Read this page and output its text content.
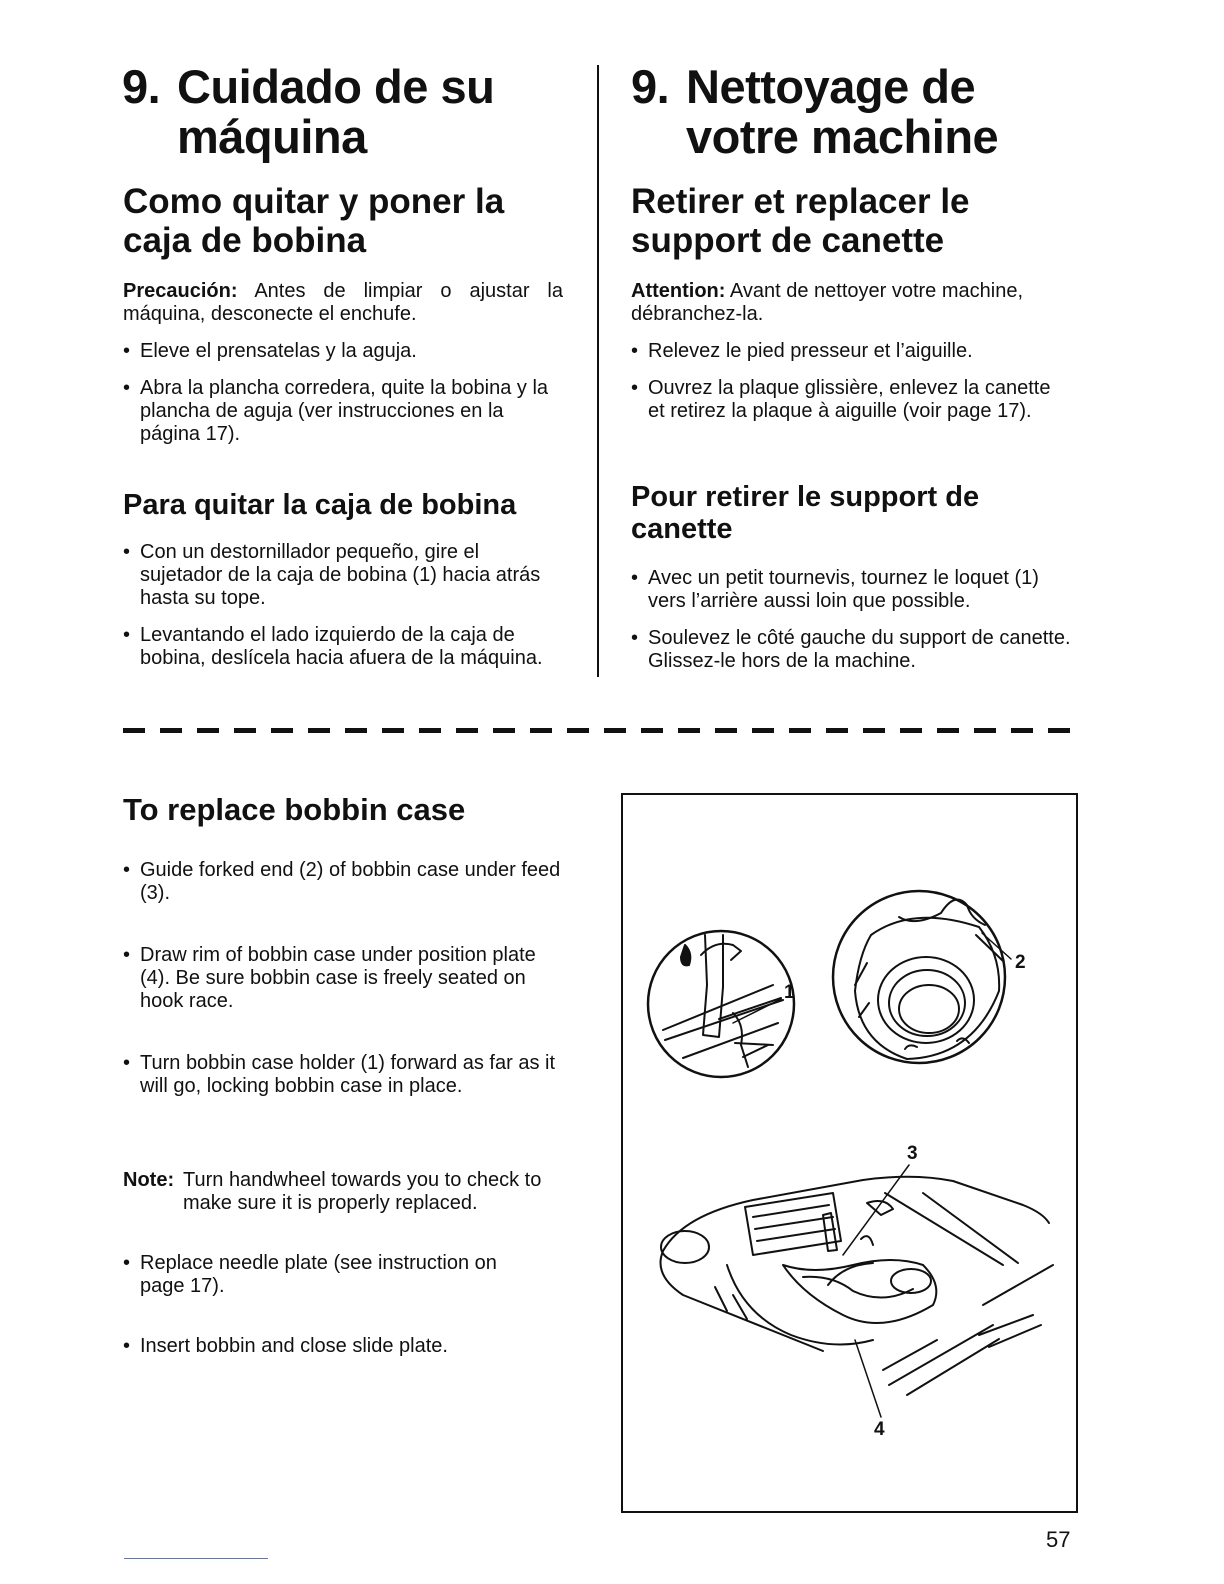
9. Cuidado de su
máquina
Como quitar y poner la caja de bobina

Precaución: Antes de limpiar o ajustar la máquina, desconecte el enchufe.

• Eleve el prensatelas y la aguja.
• Abra la plancha corredera, quite la bobina y la plancha de aguja (ver instrucciones en la página 17).
Para quitar la caja de bobina
• Con un destornillador pequeño, gire el sujetador de la caja de bobina (1) hacia atrás hasta su tope.
• Levantando el lado izquierdo de la caja de bobina, deslícela hacia afuera de la máquina.
9. Nettoyage de
votre machine
Retirer et replacer le support de canette

Attention: Avant de nettoyer votre machine, débranchez-la.

• Relevez le pied presseur et l’aiguille.
• Ouvrez la plaque glissière, enlevez la canette et retirez la plaque à aiguille (voir page 17).
Pour retirer le support de canette
• Avec un petit tournevis, tournez le loquet (1) vers l’arrière aussi loin que possible.
• Soulevez le côté gauche du support de canette. Glissez-le hors de la machine.
To replace bobbin case
• Guide forked end (2) of bobbin case under feed (3).
• Draw rim of bobbin case under position plate (4). Be sure bobbin case is freely seated on hook race.
• Turn bobbin case holder (1) forward as far as it will go, locking bobbin case in place.
Note: Turn handwheel towards you to check to make sure it is properly replaced.
• Replace needle plate (see instruction on page 17).
• Insert bobbin and close slide plate.
1
2
3
4
57
